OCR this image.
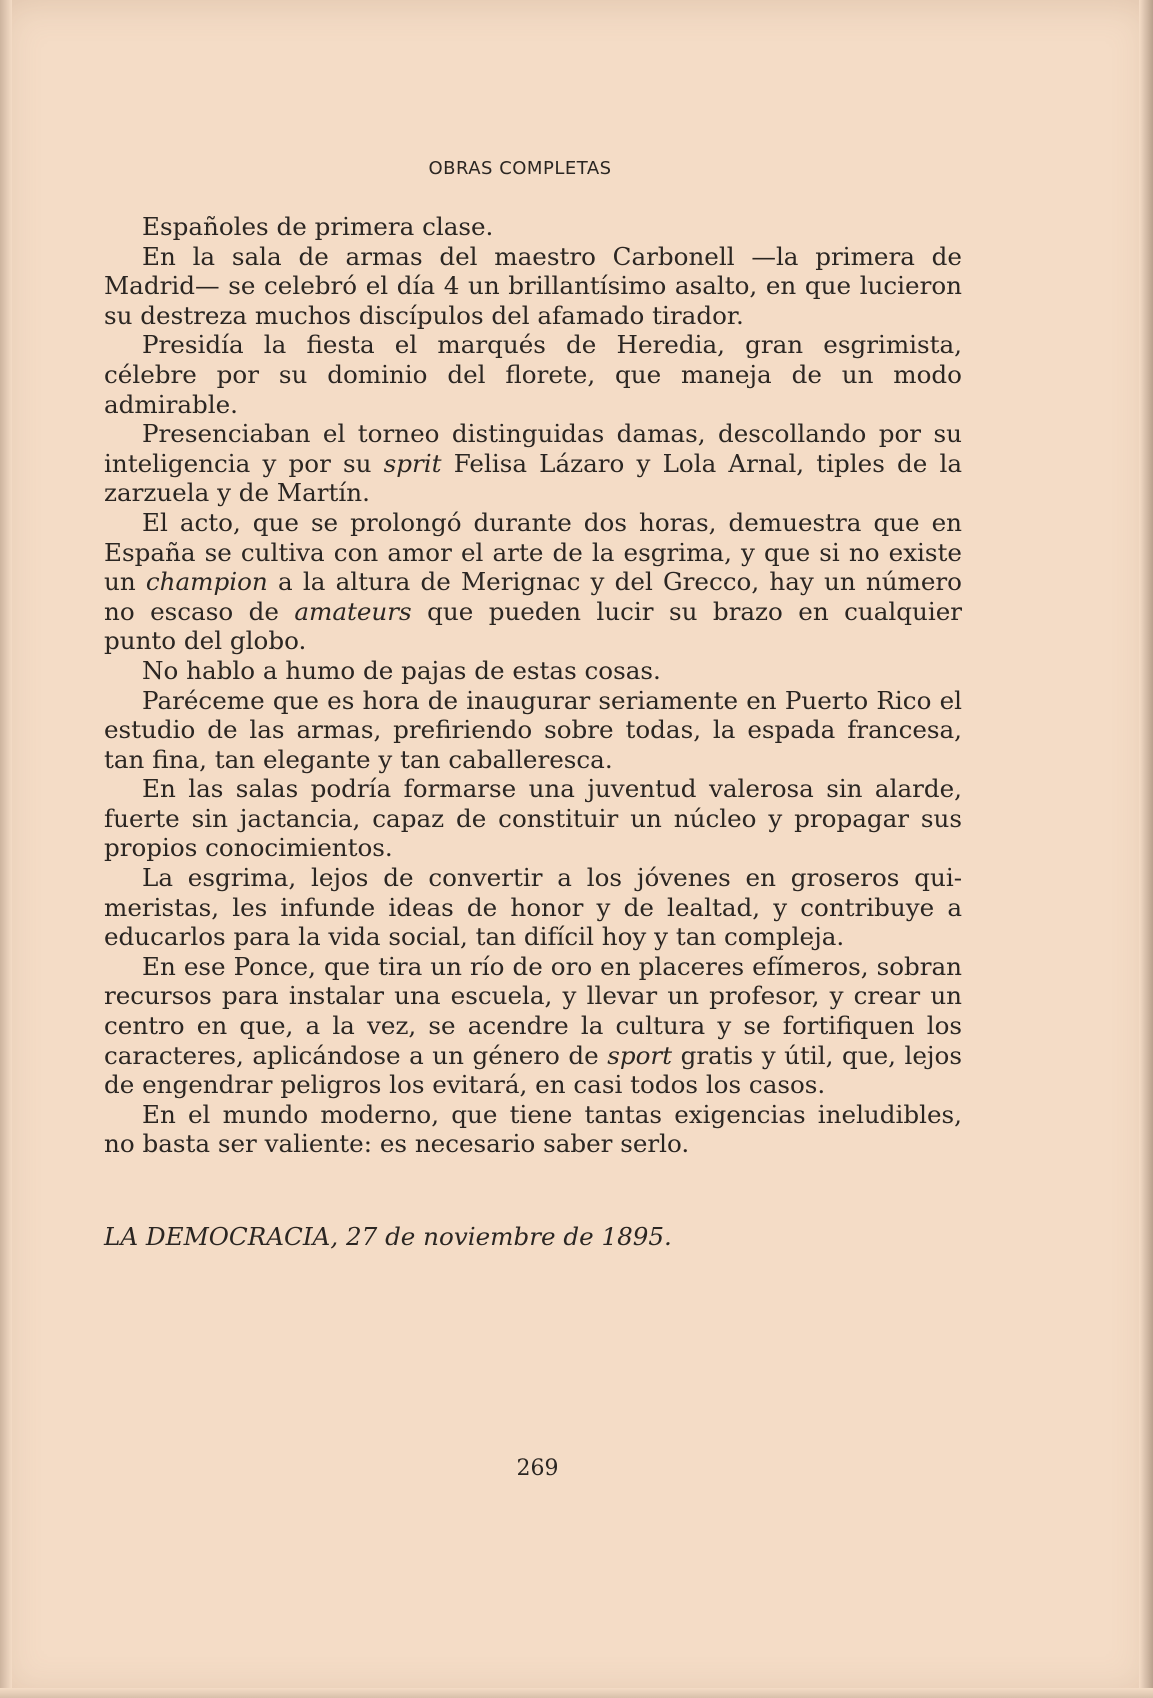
OBRAS COMPLETAS

Españoles de primera clase.

En la sala de armas del maestro Carbonell —la primera de Madrid— se celebró el día 4 un brillantísimo asalto, en que lucieron su destreza muchos discípulos del afamado tirador.

Presidía la fiesta el marqués de Heredia, gran esgrimista, célebre por su dominio del florete, que maneja de un modo admirable.

Presenciaban el torneo distinguidas damas, descollando por su inteligencia y por su sprit Felisa Lázaro y Lola Arnal, tiples de la zarzuela y de Martín.

El acto, que se prolongó durante dos horas, demuestra que en España se cultiva con amor el arte de la esgrima, y que si no existe un champion a la altura de Merignac y del Grecco, hay un número no escaso de amateurs que pueden lucir su brazo en cualquier punto del globo.

No hablo a humo de pajas de estas cosas.

Paréceme que es hora de inaugurar seriamente en Puerto Rico el estudio de las armas, prefiriendo sobre todas, la espada francesa, tan fina, tan elegante y tan caballeresca.

En las salas podría formarse una juventud valerosa sin alarde, fuerte sin jactancia, capaz de constituir un núcleo y propagar sus propios conocimientos.

La esgrima, lejos de convertir a los jóvenes en groseros quimeristas, les infunde ideas de honor y de lealtad, y contribuye a educarlos para la vida social, tan difícil hoy y tan compleja.

En ese Ponce, que tira un río de oro en placeres efímeros, sobran recursos para instalar una escuela, y llevar un profesor, y crear un centro en que, a la vez, se acendre la cultura y se fortifiquen los caracteres, aplicándose a un género de sport gratis y útil, que, lejos de engendrar peligros los evitará, en casi todos los casos.

En el mundo moderno, que tiene tantas exigencias ineludibles, no basta ser valiente: es necesario saber serlo.

LA DEMOCRACIA, 27 de noviembre de 1895.
269
